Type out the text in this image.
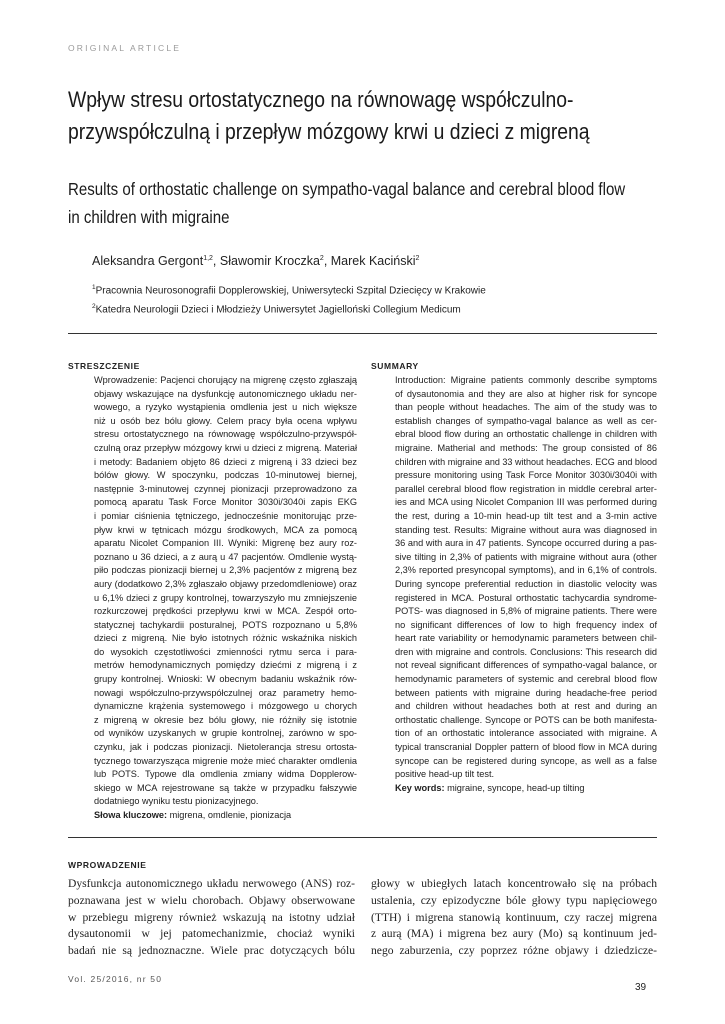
ORIGINAL ARTICLE
Wpływ stresu ortostatycznego na równowagę współczulno-
przywspółczulną i przepływ mózgowy krwi u dzieci z migreną
Results of orthostatic challenge on sympatho-vagal balance and cerebral blood flow
in children with migraine
Aleksandra Gergont$^{1,2}$, Sławomir Kroczka$^2$, Marek Kaciński$^2$
$^1$Pracownia Neurosonografii Dopplerowskiej, Uniwersytecki Szpital Dziecięcy w Krakowie
$^2$Katedra Neurologii Dzieci i Młodzieży Uniwersytet Jagielloński Collegium Medicum
STRESZCZENIE	SUMMARY
Wprowadzenie: Pacjenci chorujący na migrenę często zgłaszają
objawy wskazujące na dysfunkcję autonomicznego układu ner-
wowego, a ryzyko wystąpienia omdlenia jest u nich większe
niż u osób bez bólu głowy. Celem pracy była ocena wpływu
stresu ortostatycznego na równowagę współczulno-przywspół-
czulną oraz przepływ mózgowy krwi u dzieci z migreną. Materiał
i metody: Badaniem objęto 86 dzieci z migreną i 33 dzieci bez
bólów głowy. W spoczynku, podczas 10-minutowej biernej,
następnie 3-minutowej czynnej pionizacji przeprowadzono za
pomocą aparatu Task Force Monitor 3030i/3040i zapis EKG
i pomiar ciśnienia tętniczego, jednocześnie monitorując prze-
pływ krwi w tętnicach mózgu środkowych, MCA za pomocą
aparatu Nicolet Companion III. Wyniki: Migrenę bez aury roz-
poznano u 36 dzieci, a z aurą u 47 pacjentów. Omdlenie wystą-
piło podczas pionizacji biernej u 2,3% pacjentów z migreną bez
aury (dodatkowo 2,3% zgłaszało objawy przedomdleniowe) oraz
u 6,1% dzieci z grupy kontrolnej, towarzyszyło mu zmniejszenie
rozkurczowej prędkości przepływu krwi w MCA. Zespół orto-
statycznej tachykardii posturalnej, POTS rozpoznano u 5,8%
dzieci z migreną. Nie było istotnych różnic wskaźnika niskich
do wysokich częstotliwości zmienności rytmu serca i para-
metrów hemodynamicznych pomiędzy dziećmi z migreną i z
grupy kontrolnej. Wnioski: W obecnym badaniu wskaźnik rów-
nowagi współczulno-przywspółczulnej oraz parametry hemo-
dynamiczne krążenia systemowego i mózgowego u chorych
z migreną w okresie bez bólu głowy, nie różniły się istotnie
od wyników uzyskanych w grupie kontrolnej, zarówno w spo-
czynku, jak i podczas pionizacji. Nietolerancja stresu ortosta-
tycznego towarzysząca migrenie może mieć charakter omdlenia
lub POTS. Typowe dla omdlenia zmiany widma Dopplerow-
skiego w MCA rejestrowane są także w przypadku fałszywie
dodatniego wyniku testu pionizacyjnego.
Słowa kluczowe: migrena, omdlenie, pionizacja
Introduction: Migraine patients commonly describe symptoms
of dysautonomia and they are also at higher risk for syncope
than people without headaches. The aim of the study was to
establish changes of sympatho-vagal balance as well as cer-
ebral blood flow during an orthostatic challenge in children with
migraine. Matherial and methods: The group consisted of 86
children with migraine and 33 without headaches. ECG and blood
pressure monitoring using Task Force Monitor 3030i/3040i with
parallel cerebral blood flow registration in middle cerebral arter-
ies and MCA using Nicolet Companion III was performed during
the rest, during a 10-min head-up tilt test and a 3-min active
standing test. Results: Migraine without aura was diagnosed in
36 and with aura in 47 patients. Syncope occurred during a pas-
sive tilting in 2,3% of patients with migraine without aura (other
2,3% reported presyncopal symptoms), and in 6,1% of controls.
During syncope preferential reduction in diastolic velocity was
registered in MCA. Postural orthostatic tachycardia syndrome-
POTS- was diagnosed in 5,8% of migraine patients. There were
no significant differences of low to high frequency index of
heart rate variability or hemodynamic parameters between chil-
dren with migraine and controls. Conclusions: This research did
not reveal significant differences of sympatho-vagal balance, or
hemodynamic parameters of systemic and cerebral blood flow
between patients with migraine during headache-free period
and children without headaches both at rest and during an
orthostatic challenge. Syncope or POTS can be both manifesta-
tion of an orthostatic intolerance associated with migraine. A
typical transcranial Doppler pattern of blood flow in MCA during
syncope can be registered during syncope, as well as a false
positive head-up tilt test.
Key words: migraine, syncope, head-up tilting
WPROWADZENIE
Dysfunkcja autonomicznego układu nerwowego (ANS) roz-
poznawana jest w wielu chorobach. Objawy obserwowane
w przebiegu migreny również wskazują na istotny udział
dysautonomii w jej patomechanizmie, chociaż wyniki
badań nie są jednoznaczne. Wiele prac dotyczących bólu
głowy w ubiegłych latach koncentrowało się na próbach
ustalenia, czy epizodyczne bóle głowy typu napięciowego
(TTH) i migrena stanowią kontinuum, czy raczej migrena
z aurą (MA) i migrena bez aury (Mo) są kontinuum jed-
nego zaburzenia, czy poprzez różne objawy i dziedzicze-
Vol. 25/2016, nr 50
39
